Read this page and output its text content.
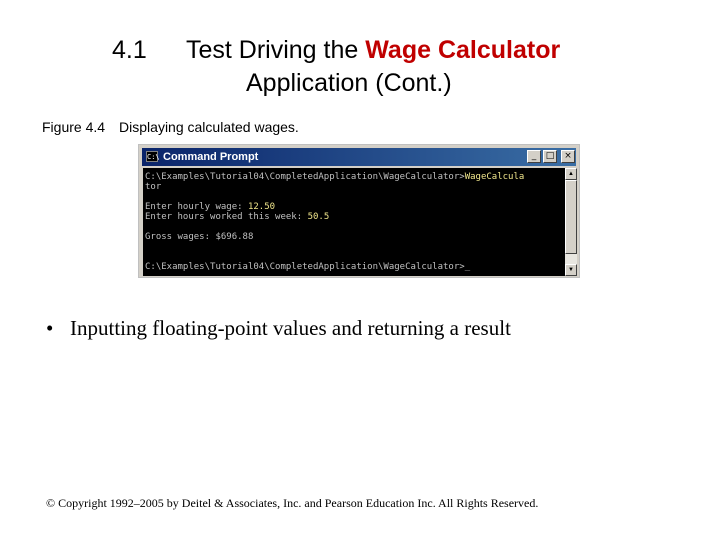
4.1 Test Driving the Wage Calculator
Application (Cont.)
Figure 4.4 Displaying calculated wages.
C:\ Command Prompt	_	□	×
C:\Examples\Tutorial04\CompletedApplication\WageCalculator>WageCalcula
tor
Enter hourly wage: 12.50
Enter hours worked this week: 50.5
Gross wages: $696.88
C:\Examples\Tutorial04\CompletedApplication\WageCalculator>_
▲
▼
• Inputting floating-point values and returning a result
© Copyright 1992–2005 by Deitel & Associates, Inc. and Pearson Education Inc. All Rights Reserved.
